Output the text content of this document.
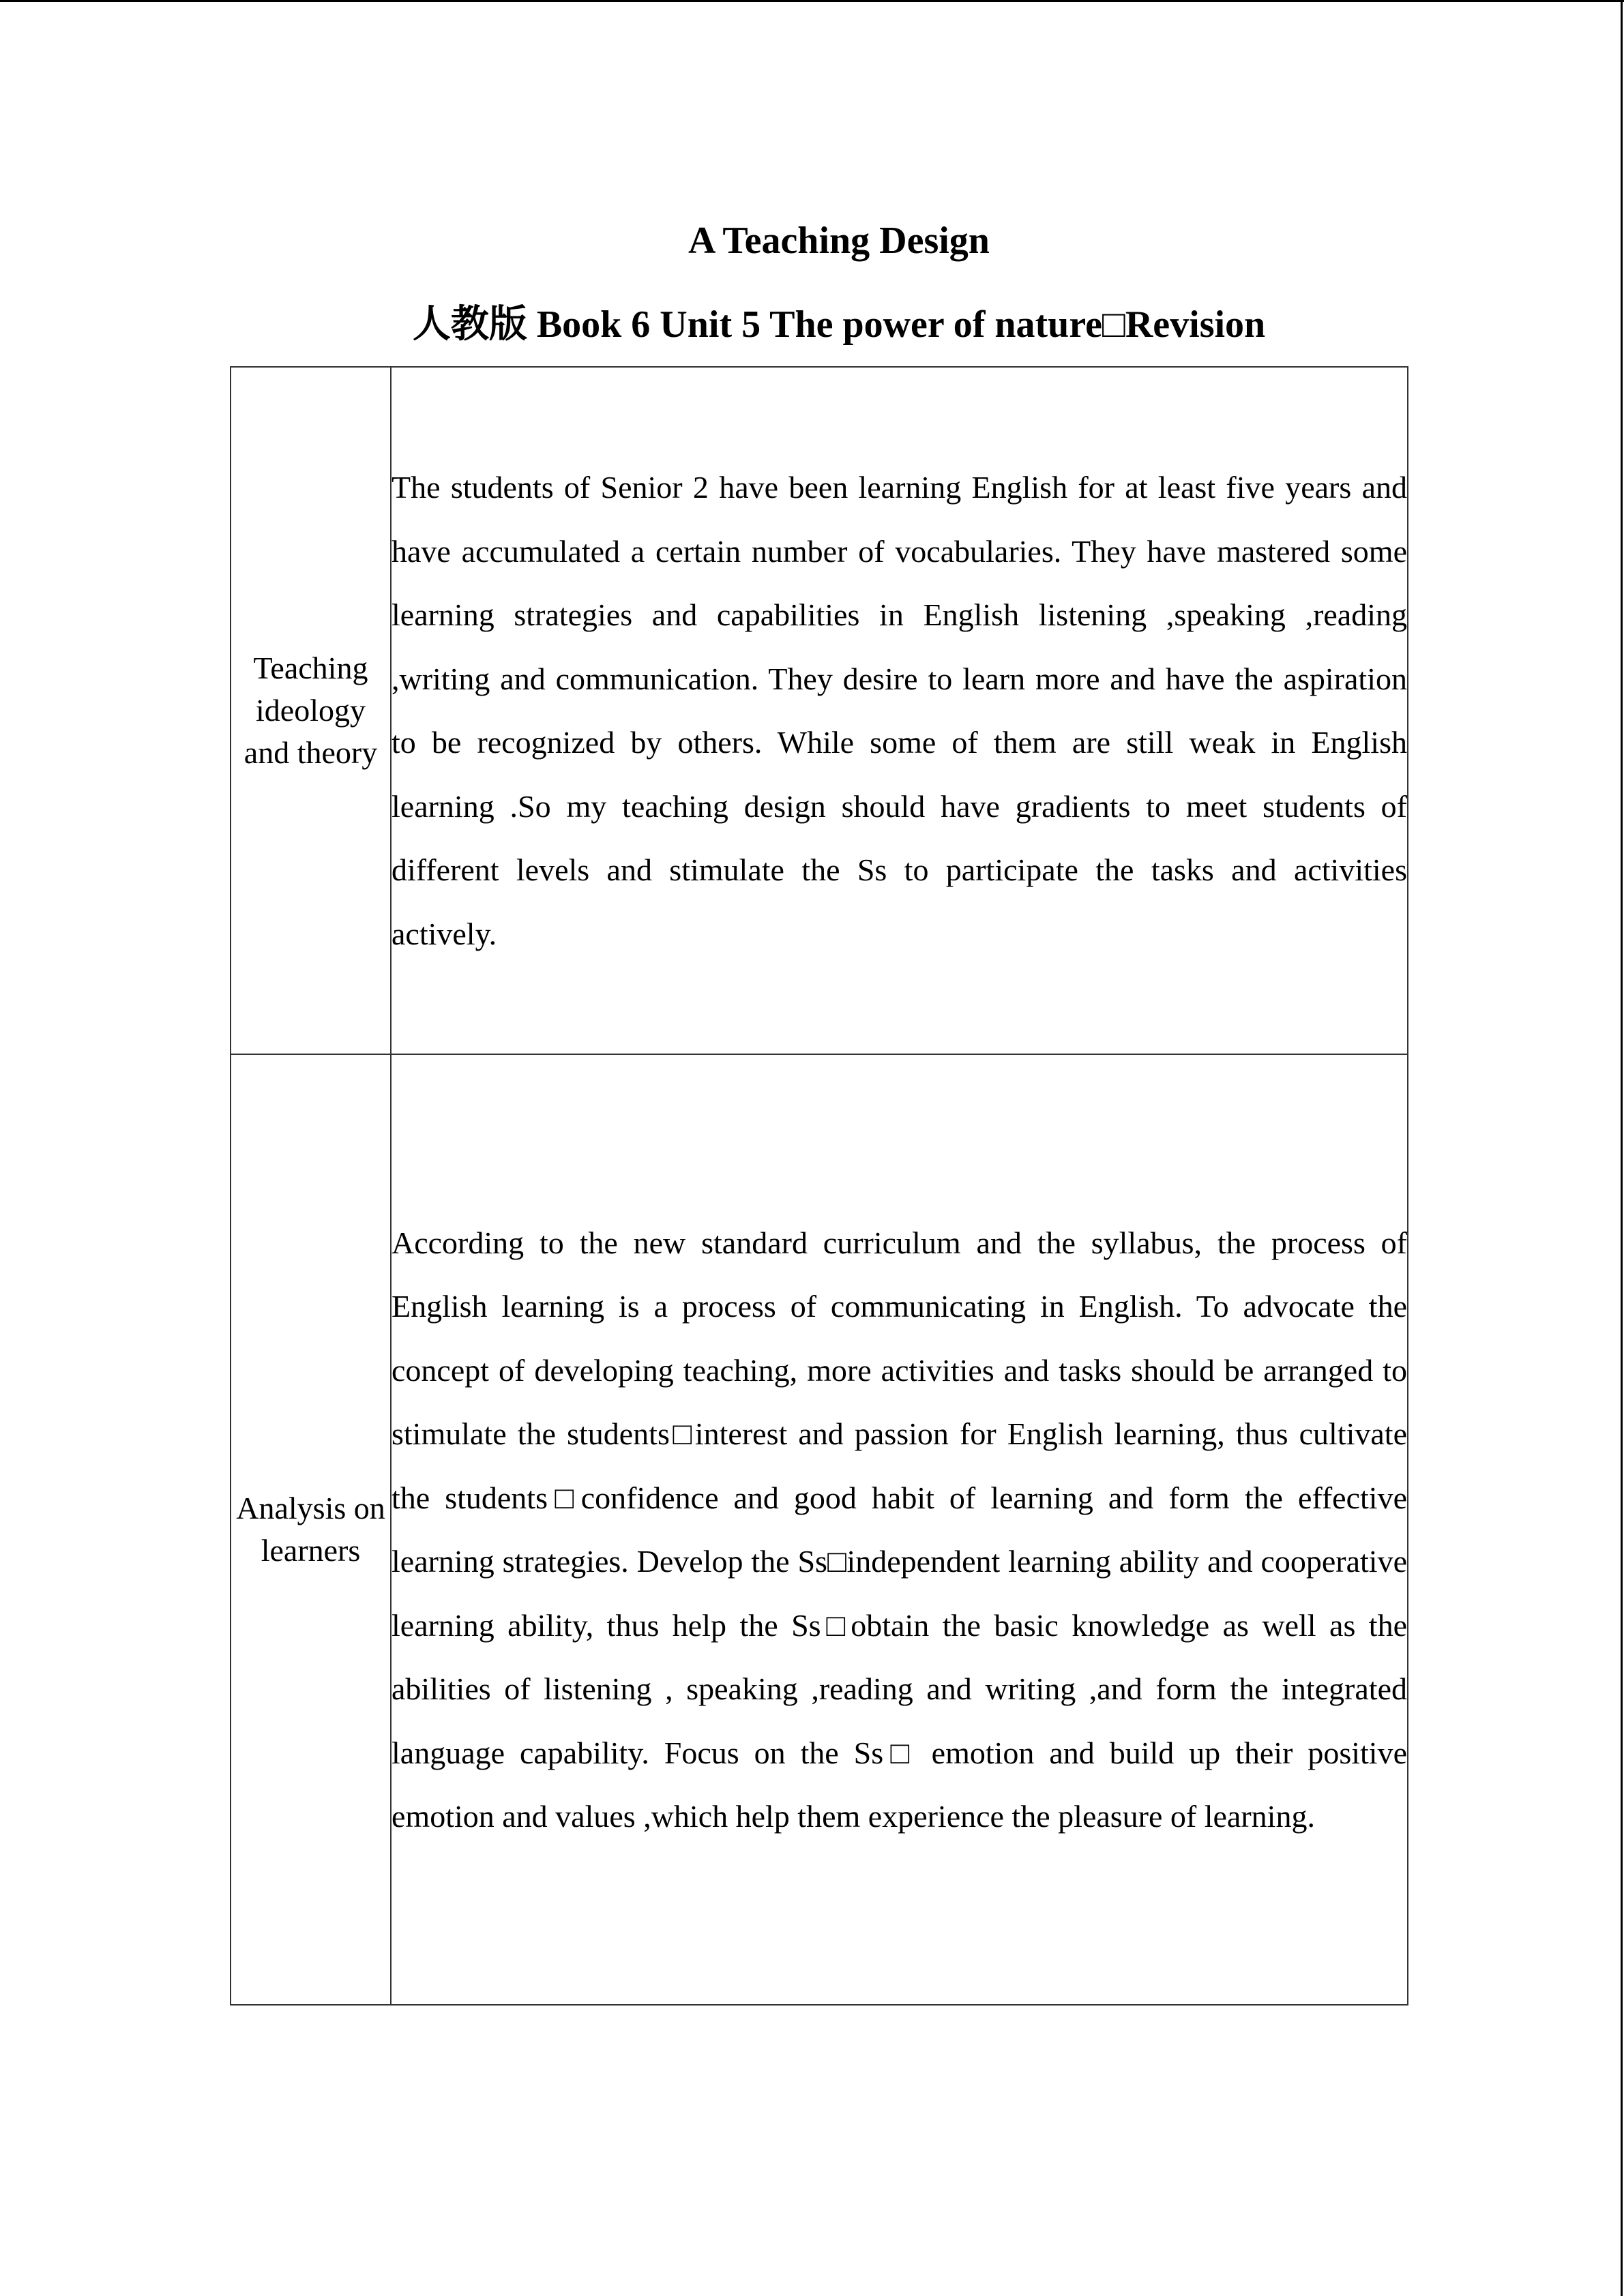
A Teaching Design
人教版 Book 6 Unit 5 The power of nature□Revision
Teaching ideology and theory	The students of Senior 2 have been learning English for at least five years and have accumulated a certain number of vocabularies. They have mastered some learning strategies and capabilities in English listening ,speaking ,reading ,writing and communication. They desire to learn more and have the aspiration to be recognized by others. While some of them are still weak in English learning .So my teaching design should have gradients to meet students of different levels and stimulate the Ss to participate the tasks and activities actively.
Analysis on learners	According to the new standard curriculum and the syllabus, the process of English learning is a process of communicating in English. To advocate the concept of developing teaching, more activities and tasks should be arranged to stimulate the students□interest and passion for English learning, thus cultivate the students□confidence and good habit of learning and form the effective learning strategies. Develop the Ss□independent learning ability and cooperative learning ability, thus help the Ss□obtain the basic knowledge as well as the abilities of listening , speaking ,reading and writing ,and form the integrated language capability. Focus on the Ss□ emotion and build up their positive emotion and values ,which help them experience the pleasure of learning.
